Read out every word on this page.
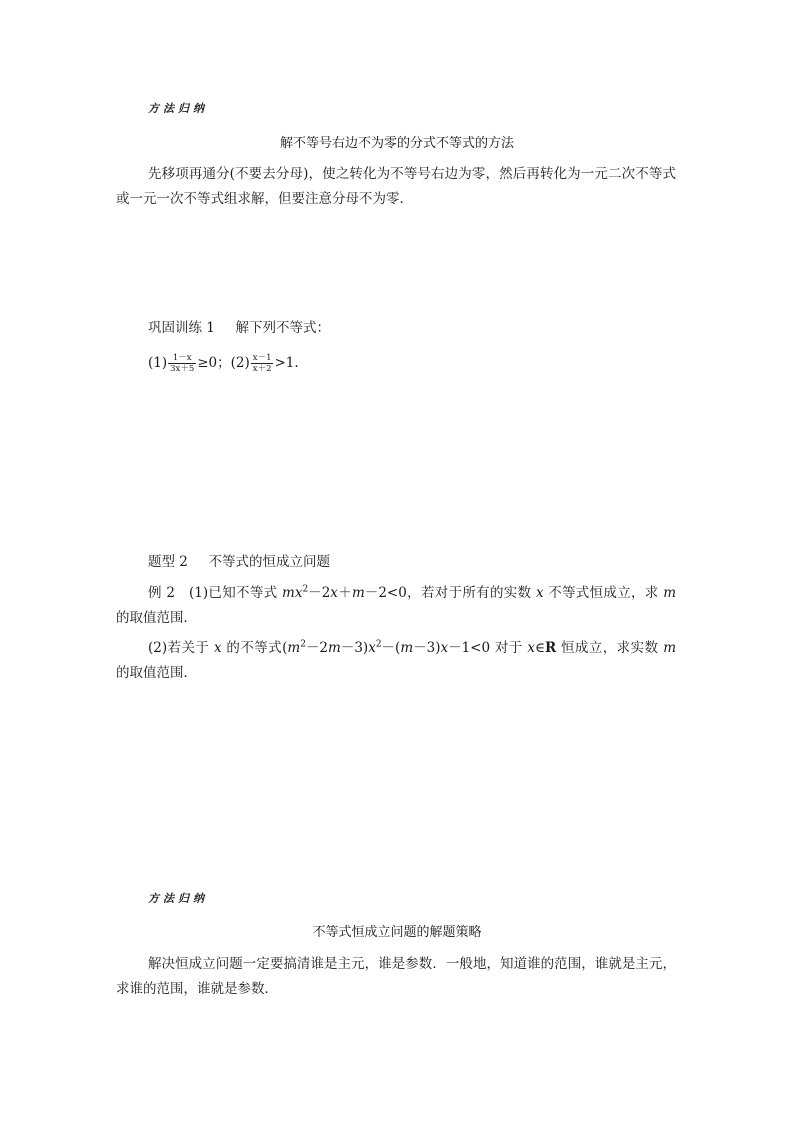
方法归纳
解不等号右边不为零的分式不等式的方法
先移项再通分(不要去分母)，使之转化为不等号右边为零，然后再转化为一元二次不等式或一元一次不等式组求解，但要注意分母不为零．
巩固训练 1 解下列不等式：
$(1) \frac{1-x}{3x+5} \ge 0$；$(2) \frac{x-1}{x+2} >1$.
题型 2 不等式的恒成立问题
例 2 (1)已知不等式 $mx^2-2x+m-2<0$，若对于所有的实数 x 不等式恒成立，求 m 的取值范围．
(2)若关于 x 的不等式$(m^2-2m-3)x^2-(m-3)x-1<0$ 对于 x∈R 恒成立，求实数 m 的取值范围．
方法归纳
不等式恒成立问题的解题策略
解决恒成立问题一定要搞清谁是主元，谁是参数．一般地，知道谁的范围，谁就是主元，求谁的范围，谁就是参数．
